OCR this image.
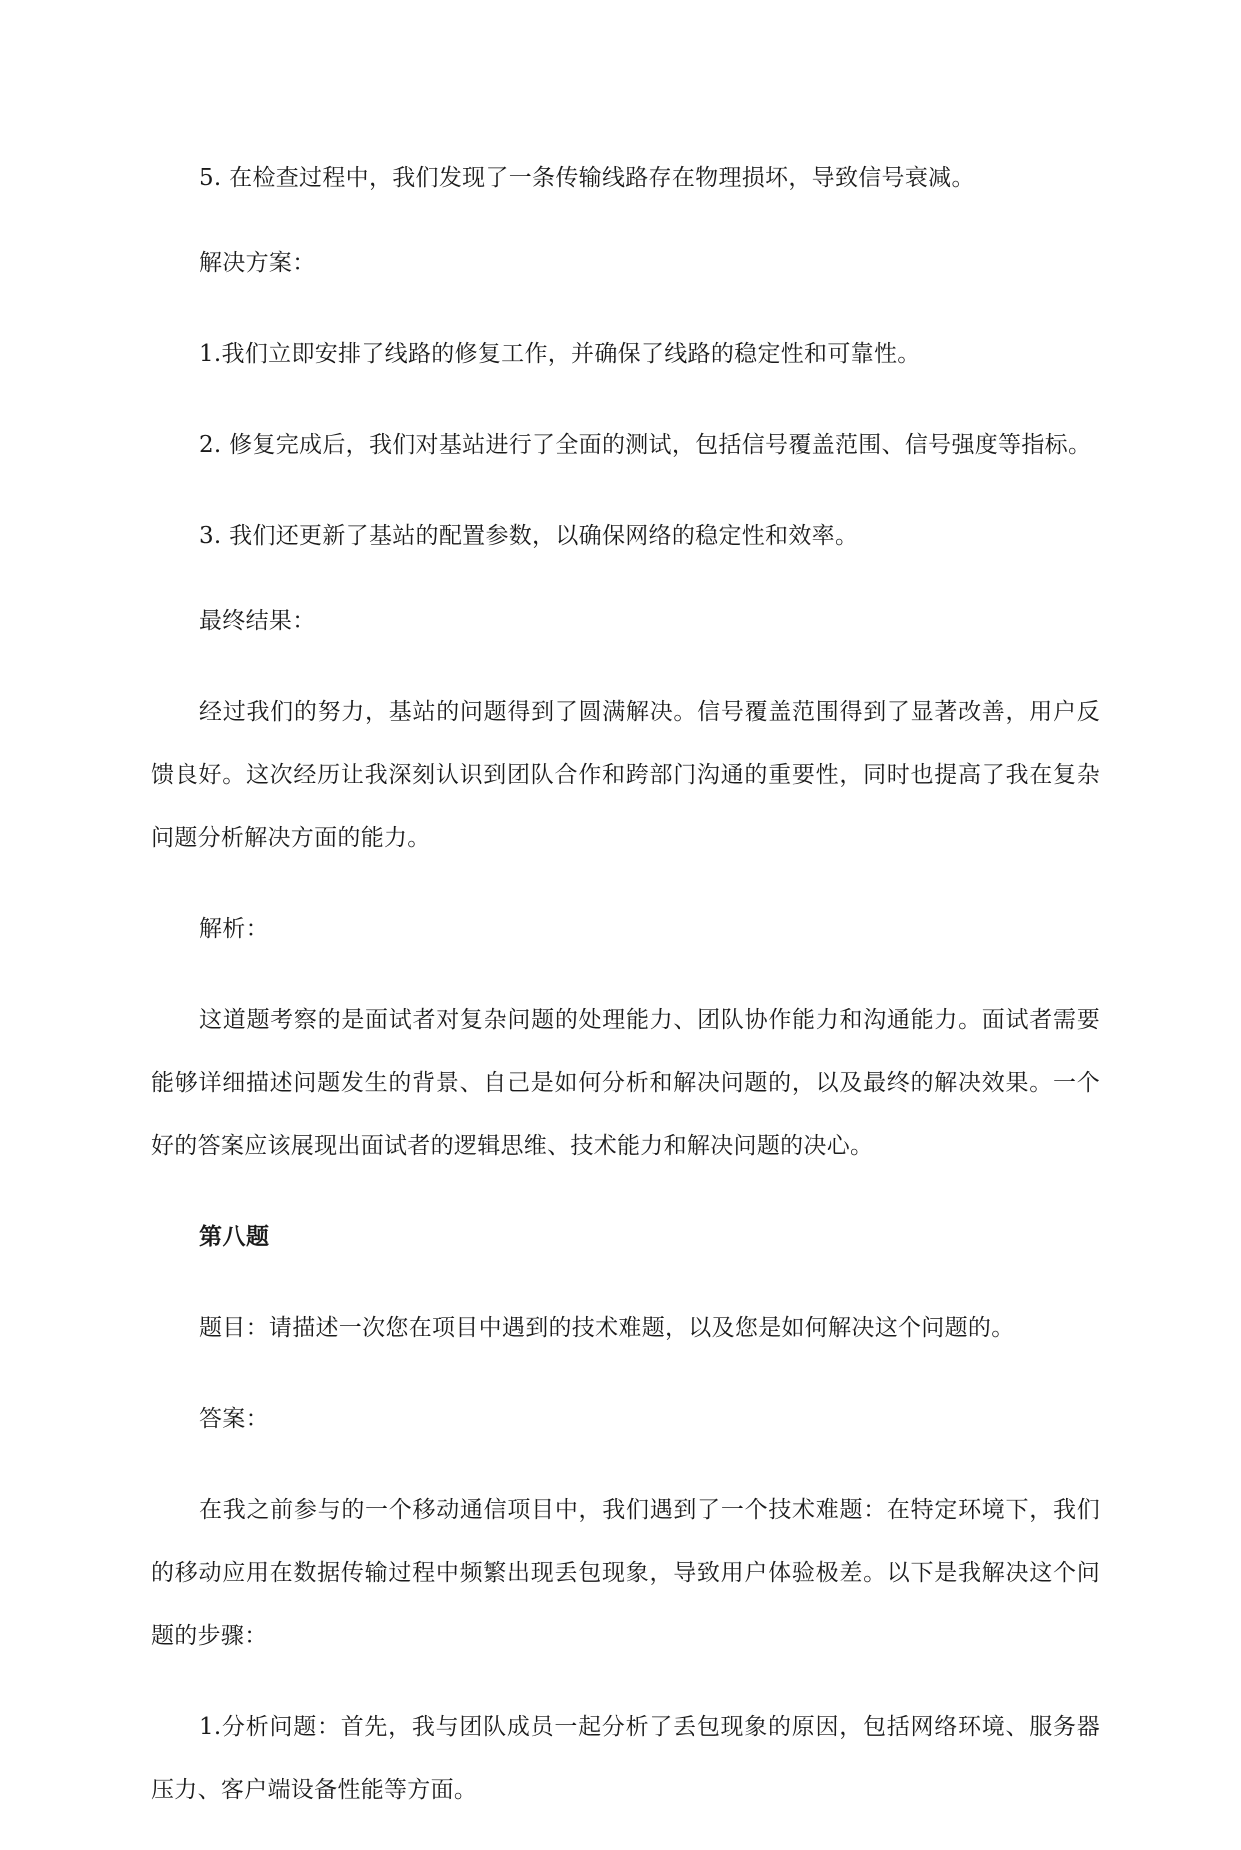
5. 在检查过程中，我们发现了一条传输线路存在物理损坏，导致信号衰减。

解决方案：

1.我们立即安排了线路的修复工作，并确保了线路的稳定性和可靠性。

2. 修复完成后，我们对基站进行了全面的测试，包括信号覆盖范围、信号强度等指标。

3. 我们还更新了基站的配置参数，以确保网络的稳定性和效率。

最终结果：

经过我们的努力，基站的问题得到了圆满解决。信号覆盖范围得到了显著改善，用户反馈良好。这次经历让我深刻认识到团队合作和跨部门沟通的重要性，同时也提高了我在复杂问题分析解决方面的能力。

解析：

这道题考察的是面试者对复杂问题的处理能力、团队协作能力和沟通能力。面试者需要能够详细描述问题发生的背景、自己是如何分析和解决问题的，以及最终的解决效果。一个好的答案应该展现出面试者的逻辑思维、技术能力和解决问题的决心。

第八题

题目：请描述一次您在项目中遇到的技术难题，以及您是如何解决这个问题的。

答案：

在我之前参与的一个移动通信项目中，我们遇到了一个技术难题：在特定环境下，我们的移动应用在数据传输过程中频繁出现丢包现象，导致用户体验极差。以下是我解决这个问题的步骤：

1.分析问题：首先，我与团队成员一起分析了丢包现象的原因，包括网络环境、服务器压力、客户端设备性能等方面。
